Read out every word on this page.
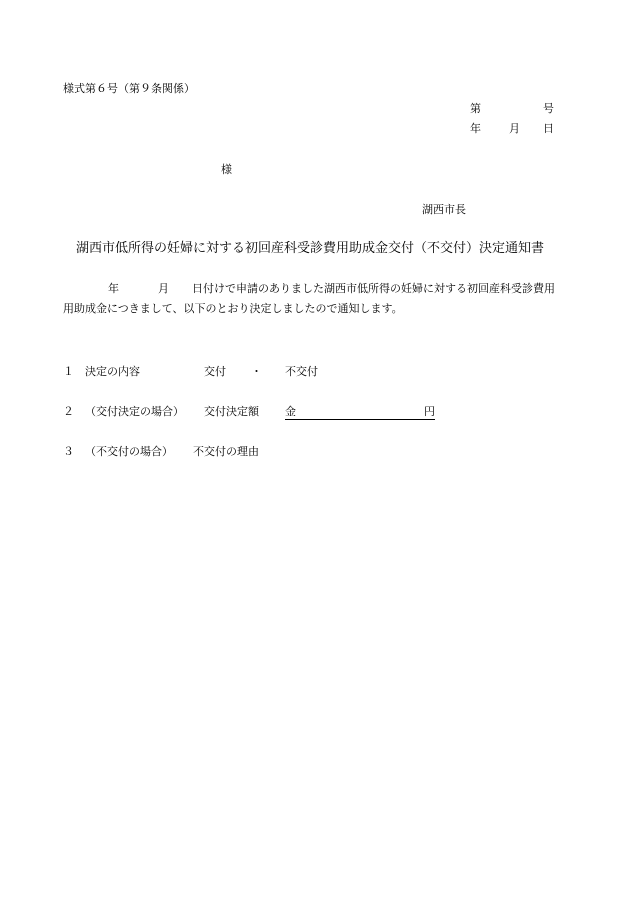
様式第６号（第９条関係）
第	号
年	月 日
様
湖西市長
湖西市低所得の妊婦に対する初回産科受診費用助成金交付（不交付）決定通知書
年	月 日付けで申請のありました湖西市低所得の妊婦に対する初回産科受診費用
用助成金につきまして、以下のとおり決定しましたので通知します。
１ 決定の内容	交付 ・ 不交付
２ （交付決定の場合） 交付決定額 金	円
３ （不交付の場合） 不交付の理由
